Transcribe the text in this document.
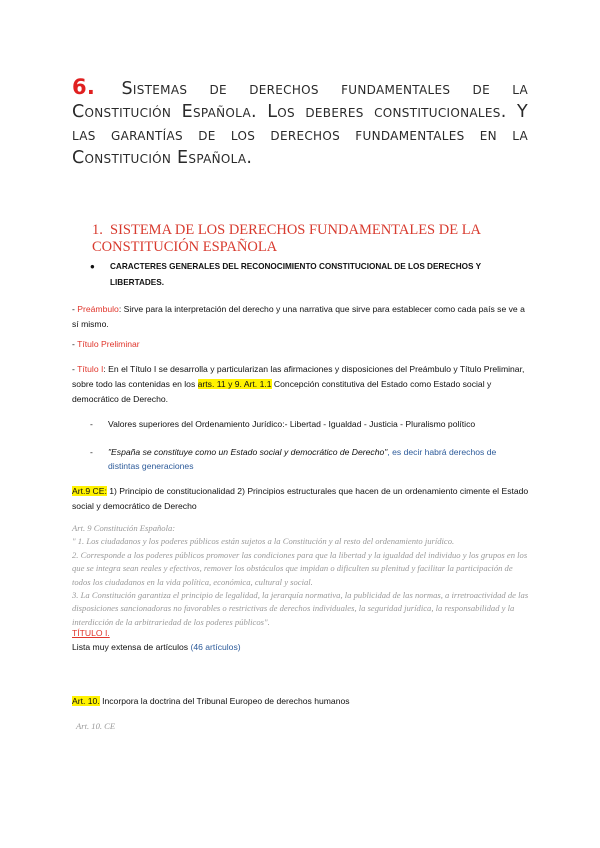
6. Sistemas de derechos fundamentales de la Constitución Española. Los deberes constitucionales. Y las garantías de los derechos fundamentales en la Constitución Española.
1. SISTEMA DE LOS DERECHOS FUNDAMENTALES DE LA CONSTITUCIÓN ESPAÑOLA
● CARACTERES GENERALES DEL RECONOCIMIENTO CONSTITUCIONAL DE LOS DERECHOS Y LIBERTADES.
- Preámbulo: Sirve para la interpretación del derecho y una narrativa que sirve para establecer como cada país se ve a sí mismo.
- Título Preliminar
- Título I: En el Título I se desarrolla y particularizan las afirmaciones y disposiciones del Preámbulo y Título Preliminar, sobre todo las contenidas en los arts. 11 y 9. Art. 1.1 Concepción constitutiva del Estado como Estado social y democrático de Derecho.
- Valores superiores del Ordenamiento Jurídico:- Libertad - Igualdad - Justicia - Pluralismo político
- "España se constituye como un Estado social y democrático de Derecho", es decir habrá derechos de distintas generaciones
Art.9 CE: 1) Principio de constitucionalidad 2) Principios estructurales que hacen de un ordenamiento cimente el Estado social y democrático de Derecho
Art. 9 Constitución Española:
" 1. Los ciudadanos y los poderes públicos están sujetos a la Constitución y al resto del ordenamiento jurídico.
2. Corresponde a los poderes públicos promover las condiciones para que la libertad y la igualdad del individuo y los grupos en los que se integra sean reales y efectivos, remover los obstáculos que impidan o dificulten su plenitud y facilitar la participación de todos los ciudadanos en la vida política, económica, cultural y social.
3. La Constitución garantiza el principio de legalidad, la jerarquía normativa, la publicidad de las normas, a irretroactividad de las disposiciones sancionadoras no favorables o restrictivas de derechos individuales, la seguridad jurídica, la responsabilidad y la interdicción de la arbitrariedad de los poderes públicos".
TÍTULO I.
Lista muy extensa de artículos (46 artículos)
Art. 10. Incorpora la doctrina del Tribunal Europeo de derechos humanos
Art. 10. CE
